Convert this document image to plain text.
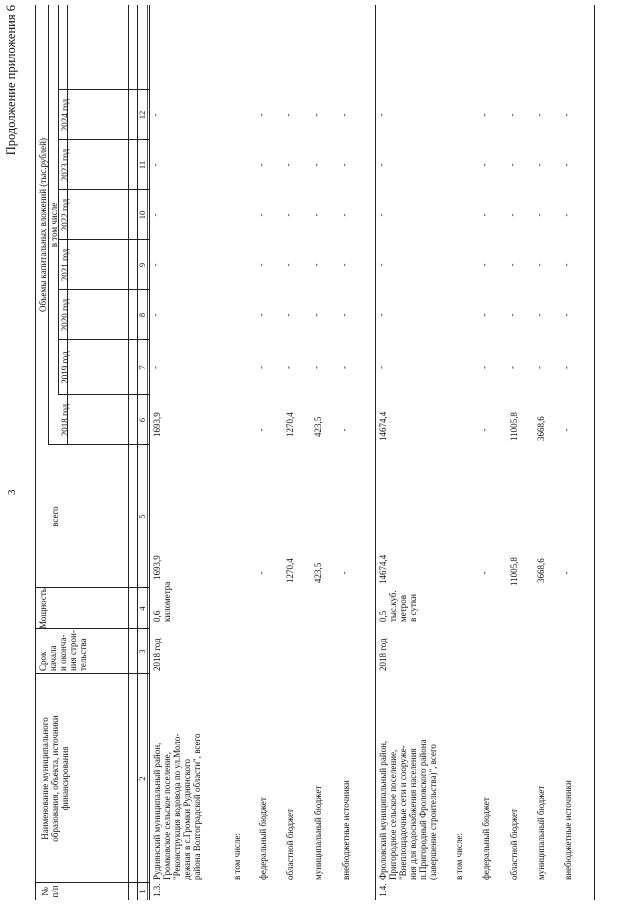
3
Продолжение приложения 6
№ п/п
Наименование муниципального образования, объекта, источники финансирования
Срок начала и оконча- ния строи- тельства
Мощность
Объемы капитальных вложений (тыс.рублей)
всего
в том числе
2018 год
2019 год
2020 год
2021 год
2022 год
2023 год
2024 год
1
2
3
4
5
6
7
8
9
10
11
12
1.3.
Руднянский муниципальный район, Громковское сельское поселение, "Реконструкция водовода по ул.Моло- дежная в с.Громки Руднянского района Волгоградской области", всего
2018 год
0,6 километра
1693,9
1693,9
-
-
-
-
-
-
в том числе: федеральный бюджет
-
-
-
-
-
-
-
-
областной бюджет
1270,4
1270,4
-
-
-
-
-
-
муниципальный бюджет
423,5
423,5
-
-
-
-
-
-
внебюджетные источники
-
-
-
-
-
-
-
-
1.4.
Фроловский муниципальный район, Пригородное сельское поселение, "Внеплощадочные сети и сооруже- ния для водоснабжения населения п.Пригородный Фроловского района (завершение строительства)", всего
2018 год
0,5 тыс.куб. метров в сутки
14674,4
14674,4
-
-
-
-
-
-
в том числе: федеральный бюджет
-
-
-
-
-
-
-
-
областной бюджет
11005,8
11005,8
-
-
-
-
-
-
муниципальный бюджет
3668,6
3668,6
-
-
-
-
-
-
внебюджетные источники
-
-
-
-
-
-
-
-
